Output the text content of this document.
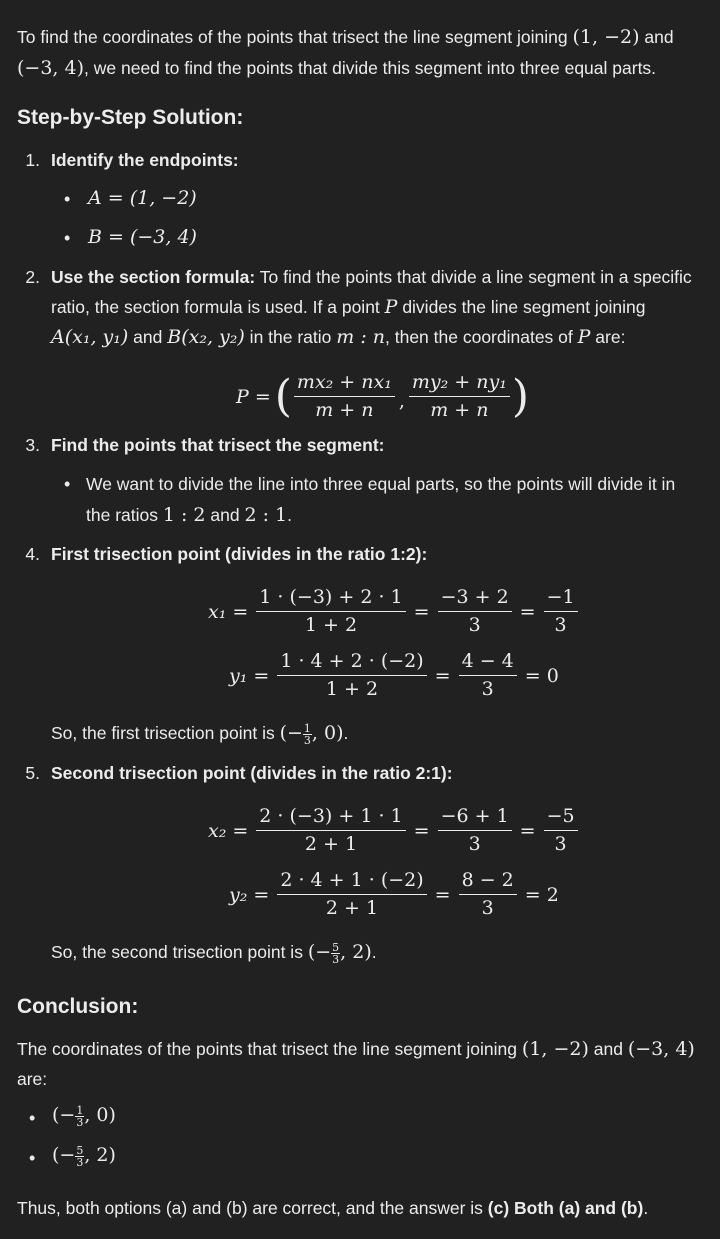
To find the coordinates of the points that trisect the line segment joining (1, −2) and
(−3, 4), we need to find the points that divide this segment into three equal parts.
Step-by-Step Solution:
1. Identify the endpoints:
• A = (1, −2)
• B = (−3, 4)
2. Use the section formula: To find the points that divide a line segment in a specific
ratio, the section formula is used. If a point P divides the line segment joining
A(x₁, y₁) and B(x₂, y₂) in the ratio m : n, then the coordinates of P are:
P = ( $\frac{\text{mx₂ + nx₁}}{m + n}$ , $\frac{\text{my₂ + ny₁}}{m + n}$ )
3. Find the points that trisect the segment:
• We want to divide the line into three equal parts, so the points will divide it in
the ratios 1 : 2 and 2 : 1.
4. First trisection point (divides in the ratio 1:2):
$x_1 = \frac{1 \cdot (-3) + 2 \cdot 1}{1 + 2} = \frac{-3 + 2}{3} = \frac{-1}{3}$
$y_1 = \frac{1 \cdot 4 + 2 \cdot (-2)}{1 + 2} = \frac{4 - 4}{3} = 0$
So, the first trisection point is (− $\frac{1}{3}$ , 0).
5. Second trisection point (divides in the ratio 2:1):
$x_2 = \frac{2 \cdot (-3) + 1 \cdot 1}{2 + 1} = \frac{-6 + 1}{3} = \frac{-5}{3}$
$y_2 = \frac{2 \cdot 4 + 1 \cdot (-2)}{2 + 1} = \frac{8 - 2}{3} = 2$
So, the second trisection point is (− $\frac{5}{3}$ , 2).
Conclusion:
The coordinates of the points that trisect the line segment joining (1, −2) and (−3, 4)
are:
• (− $\frac{1}{3}$ , 0)
• (− $\frac{5}{3}$ , 2)
Thus, both options (a) and (b) are correct, and the answer is (c) Both (a) and (b).
